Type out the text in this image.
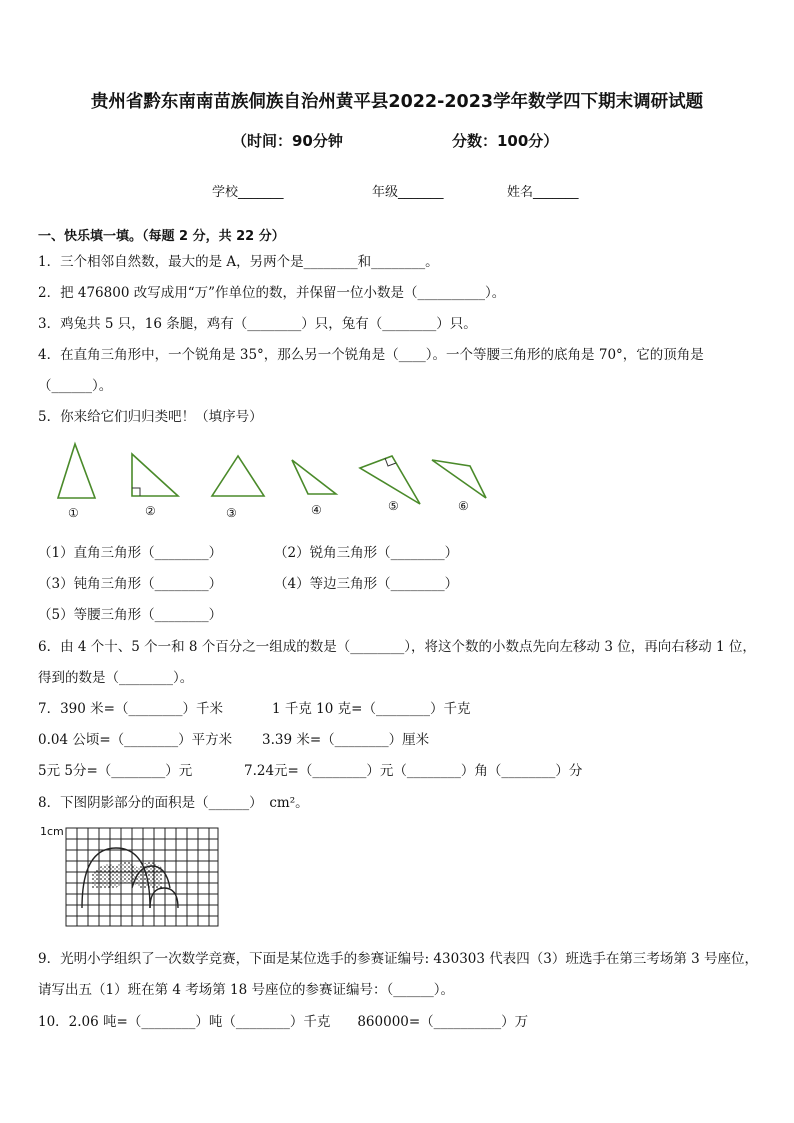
贵州省黔东南南苗族侗族自治州黄平县2022-2023学年数学四下期末调研试题
（时间：90分钟	分数：100分）
学校_______	年级_______	姓名_______
一、快乐填一填。（每题 2 分，共 22 分）
1．三个相邻自然数，最大的是 A，另两个是________和________。
2．把 476800 改写成用“万”作单位的数，并保留一位小数是（__________）。
3．鸡兔共 5 只，16 条腿，鸡有（________）只，兔有（________）只。
4．在直角三角形中，一个锐角是 35°，那么另一个锐角是（____）。一个等腰三角形的底角是 70°，它的顶角是
（______）。
5．你来给它们归归类吧！（填序号）
①	②	③	④	⑤	⑥
（1）直角三角形（________）	（2）锐角三角形（________）
（3）钝角三角形（________）	（4）等边三角形（________）
（5）等腰三角形（________）
6．由 4 个十、5 个一和 8 个百分之一组成的数是（________），将这个数的小数点先向左移动 3 位，再向右移动 1 位，
得到的数是（________）。
7．390 米=（________）千米	1 千克 10 克=（________）千克
0.04 公顷=（________）平方米 3.39 米=（________）厘米
5元 5分=（________）元	7.24元=（________）元（________）角（________）分
8．下图阴影部分的面积是（______）　cm²。
1cm
9．光明小学组织了一次数学竞赛，下面是某位选手的参赛证编号: 430303 代表四（3）班选手在第三考场第 3 号座位，
请写出五（1）班在第 4 考场第 18 号座位的参赛证编号：（______）。
10．2.06 吨=（________）吨（________）千克　　860000=（__________）万
